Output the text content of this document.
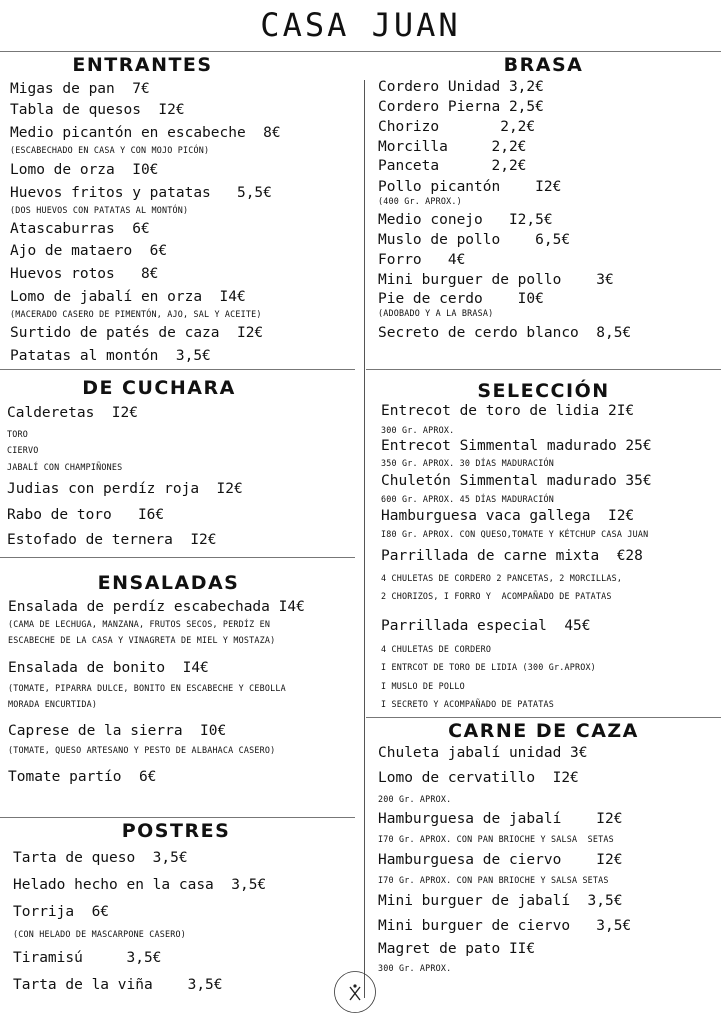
CASA JUAN
ENTRANTES
DE CUCHARA
ENSALADAS
POSTRES
BRASA
SELECCIÓN
CARNE DE CAZA
Migas de pan  7€
Tabla de quesos  I2€
Medio picantón en escabeche  8€
(ESCABECHADO EN CASA Y CON MOJO PICÓN)
Lomo de orza  I0€
Huevos fritos y patatas   5,5€
(DOS HUEVOS CON PATATAS AL MONTÓN)
Atascaburras  6€
Ajo de mataero  6€
Huevos rotos   8€
Lomo de jabalí en orza  I4€
(MACERADO CASERO DE PIMENTÓN, AJO, SAL Y ACEITE)
Surtido de patés de caza  I2€
Patatas al montón  3,5€
Calderetas  I2€
TORO
CIERVO
JABALÍ CON CHAMPIÑONES
Judias con perdíz roja  I2€
Rabo de toro   I6€
Estofado de ternera  I2€
Ensalada de perdíz escabechada I4€
(CAMA DE LECHUGA, MANZANA, FRUTOS SECOS, PERDÍZ EN
ESCABECHE DE LA CASA Y VINAGRETA DE MIEL Y MOSTAZA)
Ensalada de bonito  I4€
(TOMATE, PIPARRA DULCE, BONITO EN ESCABECHE Y CEBOLLA
MORADA ENCURTIDA)
Caprese de la sierra  I0€
(TOMATE, QUESO ARTESANO Y PESTO DE ALBAHACA CASERO)
Tomate partío  6€
Tarta de queso  3,5€
Helado hecho en la casa  3,5€
Torrija  6€
(CON HELADO DE MASCARPONE CASERO)
Tiramisú     3,5€
Tarta de la viña    3,5€
Cordero Unidad 3,2€
Cordero Pierna 2,5€
Chorizo       2,2€
Morcilla     2,2€
Panceta      2,2€
Pollo picantón    I2€
(400 Gr. APROX.)
Medio conejo   I2,5€
Muslo de pollo    6,5€
Forro   4€
Mini burguer de pollo    3€
Pie de cerdo    I0€
(ADOBADO Y A LA BRASA)
Secreto de cerdo blanco  8,5€
Entrecot de toro de lidia 2I€
300 Gr. APROX.
Entrecot Simmental madurado 25€
350 Gr. APROX. 30 DÍAS MADURACIÓN
Chuletón Simmental madurado 35€
600 Gr. APROX. 45 DÍAS MADURACIÓN
Hamburguesa vaca gallega  I2€
I80 Gr. APROX. CON QUESO,TOMATE Y KÉTCHUP CASA JUAN
Parrillada de carne mixta  €28
4 CHULETAS DE CORDERO 2 PANCETAS, 2 MORCILLAS,
2 CHORIZOS, I FORRO Y  ACOMPAÑADO DE PATATAS
Parrillada especial  45€
4 CHULETAS DE CORDERO
I ENTRCOT DE TORO DE LIDIA (300 Gr.APROX)
I MUSLO DE POLLO
I SECRETO Y ACOMPAÑADO DE PATATAS
Chuleta jabalí unidad 3€
Lomo de cervatillo  I2€
200 Gr. APROX.
Hamburguesa de jabalí    I2€
I70 Gr. APROX. CON PAN BRIOCHE Y SALSA  SETAS
Hamburguesa de ciervo    I2€
I70 Gr. APROX. CON PAN BRIOCHE Y SALSA SETAS
Mini burguer de jabalí  3,5€
Mini burguer de ciervo   3,5€
Magret de pato II€
300 Gr. APROX.
